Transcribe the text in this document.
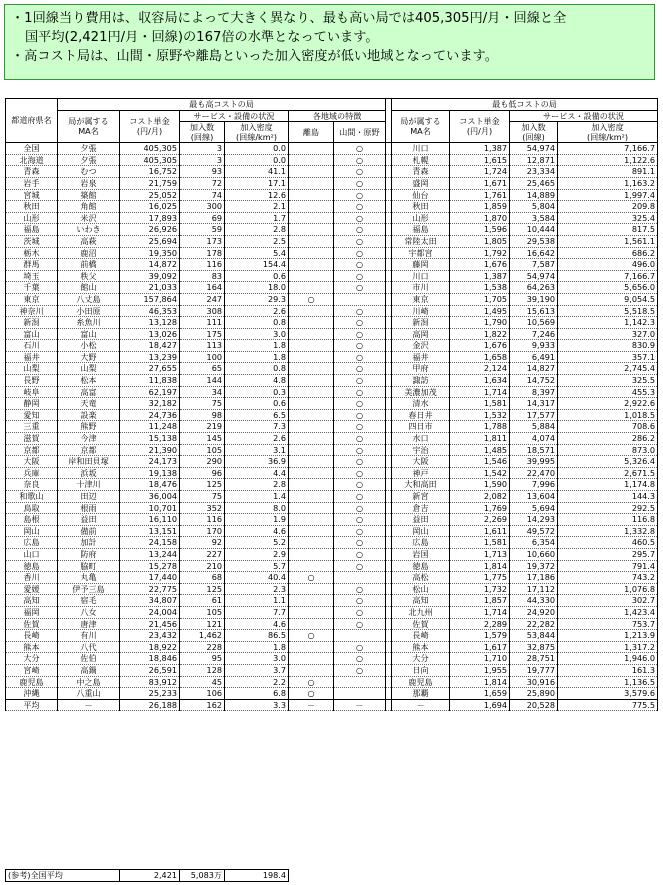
・1回線当り費用は、収容局によって大きく異なり、最も高い局では405,305円/月・回線と全
国平均(2,421円/月・回線)の167倍の水準となっています。
・高コスト局は、山間・原野や離島といった加入密度が低い地域となっています。
都道府県名	最も高コストの局							最も低コストの局			
	局が属する
MA名	コスト単金
(円/月)	サービス・設備の状況		各地域の特徴			局が属する
MA名	コスト単金
(円/月)	サービス・設備の状況	
			加入数
(回線)	加入密度
(回線/km²)	離島	山間・原野				加入数
(回線)	加入密度
(回線/km²)
全国	夕張	405,305	3	0.0		○		川口	1,387	54,974	7,166.7
北海道	夕張	405,305	3	0.0		○		札幌	1,615	12,871	1,122.6
青森	むつ	16,752	93	41.1		○		青森	1,724	23,334	891.1
岩手	岩泉	21,759	72	17.1		○		盛岡	1,671	25,465	1,163.2
宮城	築館	25,052	74	12.6		○		仙台	1,761	14,889	1,997.4
秋田	角館	16,025	300	2.1		○		秋田	1,859	5,804	209.8
山形	米沢	17,893	69	1.7		○		山形	1,870	3,584	325.4
福島	いわき	26,926	59	2.8		○		福島	1,596	10,444	817.5
茨城	高萩	25,694	173	2.5		○		常陸太田	1,805	29,538	1,561.1
栃木	鹿沼	19,350	178	5.4		○		宇都宮	1,792	16,642	686.2
群馬	前橋	14,872	116	154.4		○		藤岡	1,676	7,587	496.0
埼玉	秩父	39,092	83	0.6		○		川口	1,387	54,974	7,166.7
千葉	館山	21,033	164	18.0		○		市川	1,538	64,263	5,656.0
東京	八丈島	157,864	247	29.3	○			東京	1,705	39,190	9,054.5
神奈川	小田原	46,353	308	2.6		○		川崎	1,495	15,613	5,518.5
新潟	糸魚川	13,128	111	0.8		○		新潟	1,790	10,569	1,142.3
富山	富山	13,026	175	3.0		○		高岡	1,822	7,246	327.0
石川	小松	18,427	113	1.8		○		金沢	1,676	9,933	830.9
福井	大野	13,239	100	1.8		○		福井	1,658	6,491	357.1
山梨	山梨	27,655	65	0.8		○		甲府	2,124	14,827	2,745.4
長野	松本	11,838	144	4.8		○		諏訪	1,634	14,752	325.5
岐阜	高富	62,197	34	0.3		○		美濃加茂	1,714	8,397	455.3
静岡	天竜	32,182	75	0.6		○		清水	1,581	14,317	2,922.6
愛知	設楽	24,736	98	6.5		○		春日井	1,532	17,577	1,018.5
三重	熊野	11,248	219	7.3		○		四日市	1,788	5,884	708.6
滋賀	今津	15,138	145	2.6		○		水口	1,811	4,074	286.2
京都	京都	21,390	105	3.1		○		宇治	1,485	18,571	873.0
大阪	岸和田貝塚	24,173	290	36.9		○		大阪	1,546	39,995	5,326.4
兵庫	浜坂	19,138	96	4.4		○		神戸	1,542	22,470	2,671.5
奈良	十津川	18,476	125	2.8		○		大和高田	1,590	7,996	1,174.8
和歌山	田辺	36,004	75	1.4		○		新宮	2,082	13,604	144.3
鳥取	根雨	10,701	352	8.0		○		倉吉	1,769	5,694	292.5
島根	益田	16,110	116	1.9		○		益田	2,269	14,293	116.8
岡山	備前	13,151	170	4.6		○		岡山	1,611	49,572	1,332.8
広島	加計	24,158	92	5.2		○		広島	1,581	6,354	460.5
山口	防府	13,244	227	2.9		○		岩国	1,713	10,660	295.7
徳島	脇町	15,278	210	5.7		○		徳島	1,814	19,372	791.4
香川	丸亀	17,440	68	40.4	○			高松	1,775	17,186	743.2
愛媛	伊予三島	22,775	125	2.3		○		松山	1,732	17,112	1,076.8
高知	宿毛	34,807	61	1.1		○		高知	1,857	44,330	302.7
福岡	八女	24,004	105	7.7		○		北九州	1,714	24,920	1,423.4
佐賀	唐津	21,456	121	4.6		○		佐賀	2,289	22,282	753.7
長崎	有川	23,432	1,462	86.5	○			長崎	1,579	53,844	1,213.9
熊本	八代	18,922	228	1.8		○		熊本	1,617	32,875	1,317.2
大分	佐伯	18,846	95	3.0		○		大分	1,710	28,751	1,946.0
宮崎	高鍋	26,591	128	3.7		○		日向	1,955	19,777	161.3
鹿児島	中之島	83,912	45	2.2	○			鹿児島	1,814	30,916	1,136.5
沖縄	八重山	25,233	106	6.8	○			那覇	1,659	25,890	3,579.6
平均	－	26,188	162	3.3	－	－		－	1,694	20,528	775.5
(参考)全国平均	2,421	5,083万	198.4
